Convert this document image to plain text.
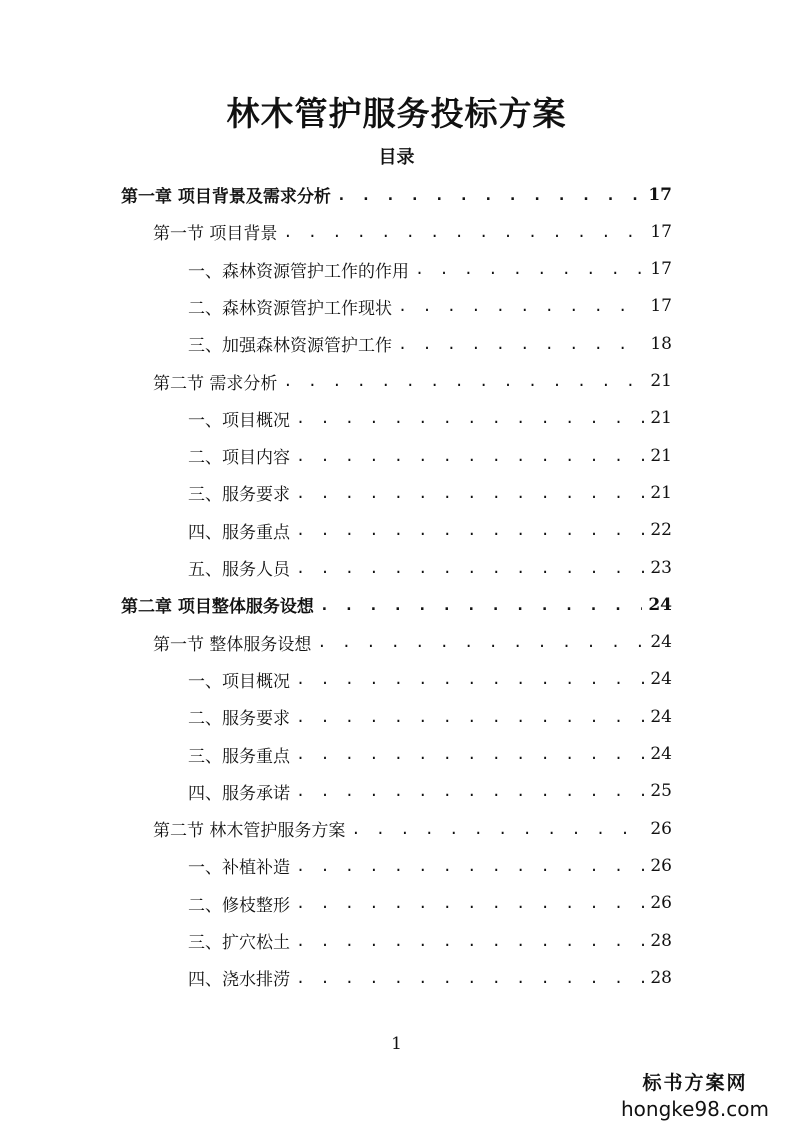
林木管护服务投标方案
目录
第一章 项目背景及需求分析 . . .	17
第一节 项目背景 . . .	17
一、森林资源管护工作的作用 . . .	17
二、森林资源管护工作现状 . . .	17
三、加强森林资源管护工作 . . .	18
第二节 需求分析 . . .	21
一、项目概况 . . .	21
二、项目内容 . . .	21
三、服务要求 . . .	21
四、服务重点 . . .	22
五、服务人员 . . .	23
第二章 项目整体服务设想 . . .	24
第一节 整体服务设想 . . .	24
一、项目概况 . . .	24
二、服务要求 . . .	24
三、服务重点 . . .	24
四、服务承诺 . . .	25
第二节 林木管护服务方案 . . .	26
一、补植补造 . . .	26
二、修枝整形 . . .	26
三、扩穴松土 . . .	28
四、浇水排涝 . . .	28
1
标书方案网
hongke98.com
